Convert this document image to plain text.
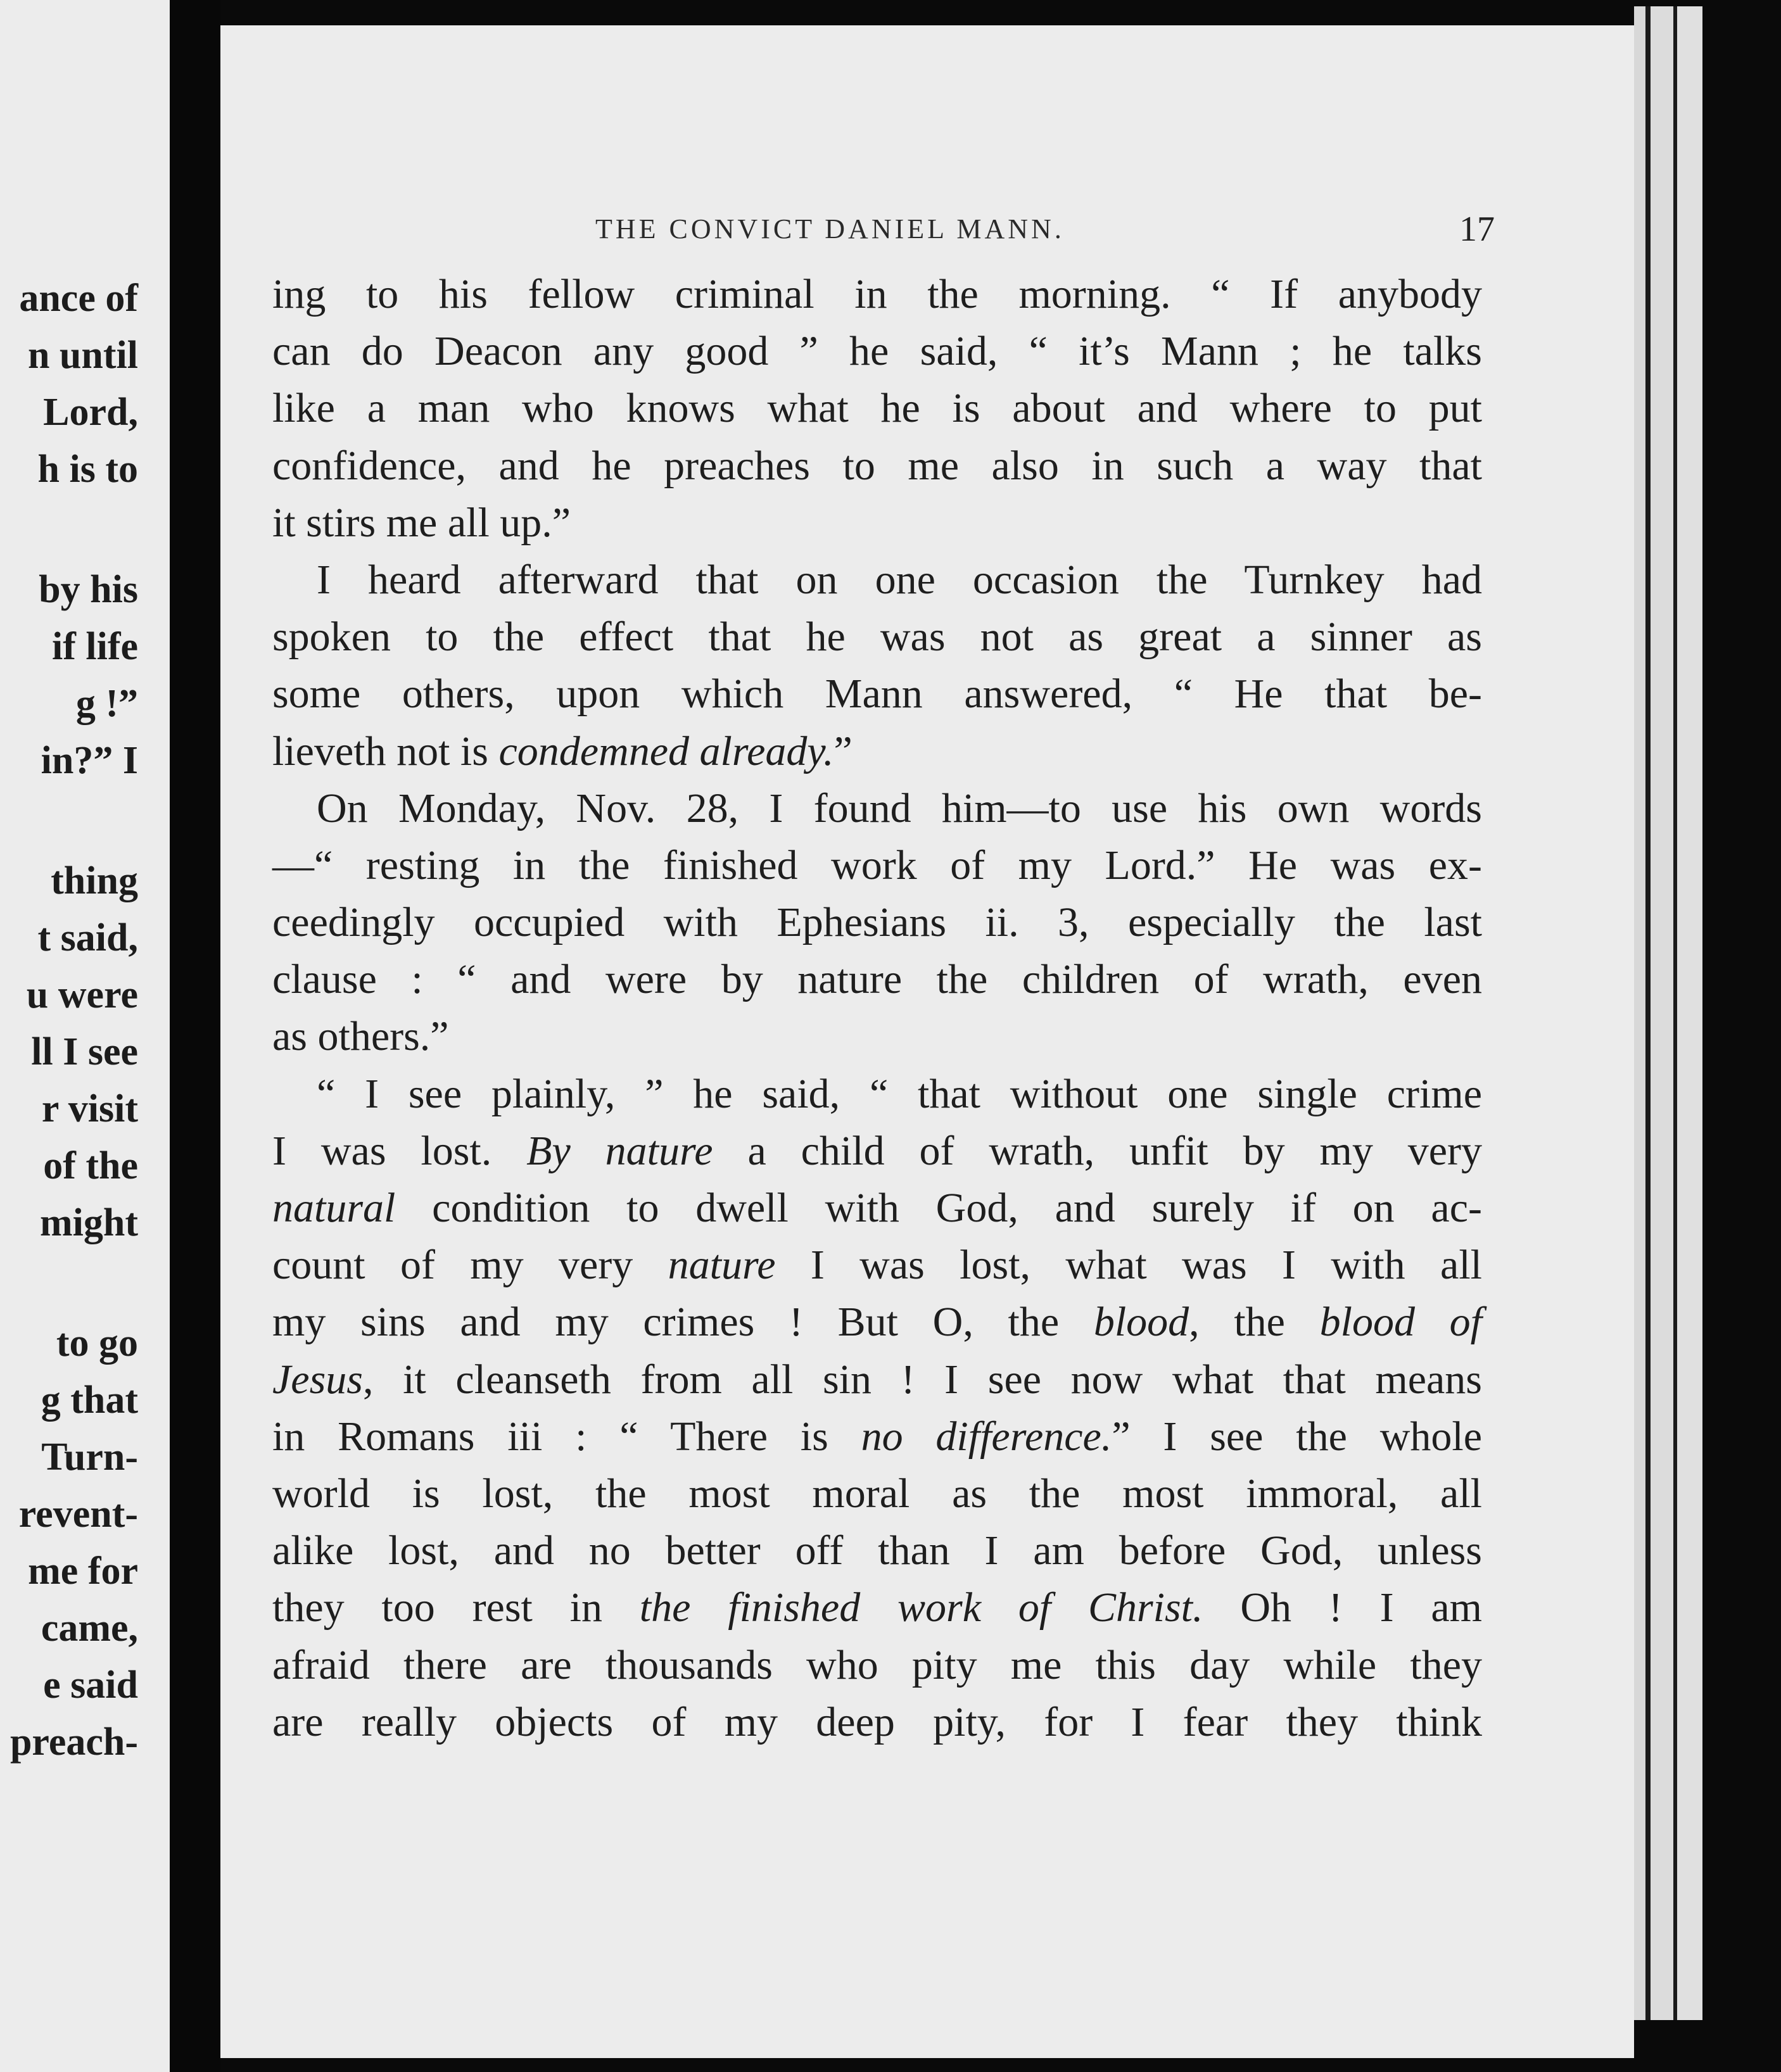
ance of
n until
Lord,
h is to
by his
if life
g !”
in?” I
thing
t said,
u were
ll I see
r visit
of the
might
to go
g that
Turn-
revent-
me for
came,
e said
preach-
THE CONVICT DANIEL MANN.	17
ing to his fellow criminal in the morning. “ If anybody
can do Deacon any good ” he said, “ it’s Mann ; he talks
like a man who knows what he is about and where to put
confidence, and he preaches to me also in such a way that
it stirs me all up.”
I heard afterward that on one occasion the Turnkey had
spoken to the effect that he was not as great a sinner as
some others, upon which Mann answered, “ He that be-
lieveth not is condemned already.”
On Monday, Nov. 28, I found him—to use his own words
—“ resting in the finished work of my Lord.” He was ex-
ceedingly occupied with Ephesians ii. 3, especially the last
clause : “ and were by nature the children of wrath, even
as others.”
“ I see plainly, ” he said, “ that without one single crime
I was lost. By nature a child of wrath, unfit by my very
natural condition to dwell with God, and surely if on ac-
count of my very nature I was lost, what was I with all
my sins and my crimes ! But O, the blood, the blood of
Jesus, it cleanseth from all sin ! I see now what that means
in Romans iii : “ There is no difference.” I see the whole
world is lost, the most moral as the most immoral, all
alike lost, and no better off than I am before God, unless
they too rest in the finished work of Christ. Oh ! I am
afraid there are thousands who pity me this day while they
are really objects of my deep pity, for I fear they think
